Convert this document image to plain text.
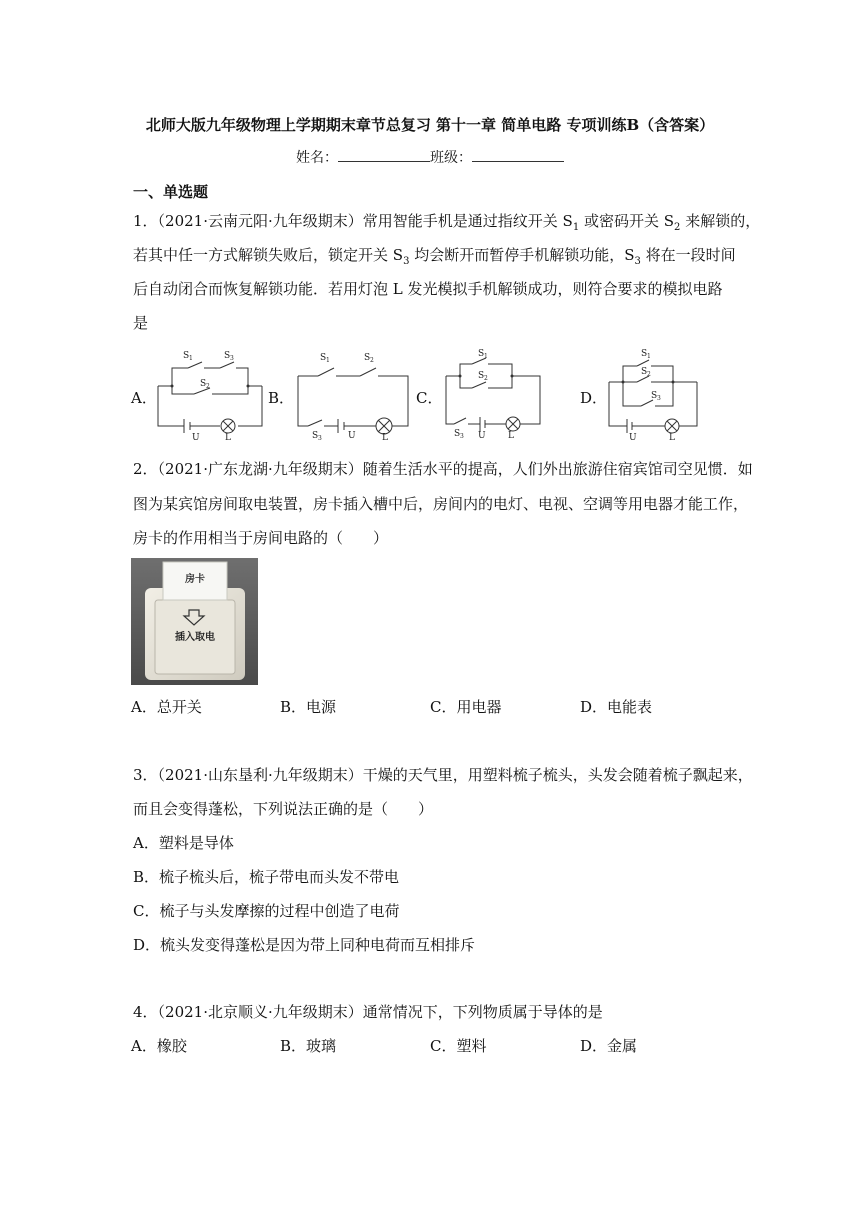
北师大版九年级物理上学期期末章节总复习 第十一章 简单电路 专项训练B（含答案）
姓名：	班级：
一、单选题
1．（2021·云南元阳·九年级期末）常用智能手机是通过指纹开关 $S_1$ 或密码开关 $S_2$ 来解锁的，
若其中任一方式解锁失败后，锁定开关 $S_3$ 均会断开而暂停手机解锁功能，$S_3$ 将在一段时间
后自动闭合而恢复解锁功能．若用灯泡 L 发光模拟手机解锁成功，则符合要求的模拟电路
是
A．	B．	C．	D．
S 1	S 3
S 2
U	L
S 1	S 2
S 3	U	L
S 1
S 2
S 3 U L
S 1
S 2
S 3
U	L
2．（2021·广东龙湖·九年级期末）随着生活水平的提高，人们外出旅游住宿宾馆司空见惯．如
图为某宾馆房间取电装置，房卡插入槽中后，房间内的电灯、电视、空调等用电器才能工作，
房卡的作用相当于房间电路的（　　）
房卡
插入取电
A．总开关	B．电源	C．用电器	D．电能表
3．（2021·山东垦利·九年级期末）干燥的天气里，用塑料梳子梳头，头发会随着梳子飘起来，
而且会变得蓬松，下列说法正确的是（　　）
A．塑料是导体
B．梳子梳头后，梳子带电而头发不带电
C．梳子与头发摩擦的过程中创造了电荷
D．梳头发变得蓬松是因为带上同种电荷而互相排斥
4．（2021·北京顺义·九年级期末）通常情况下，下列物质属于导体的是
A．橡胶	B．玻璃	C．塑料	D．金属
